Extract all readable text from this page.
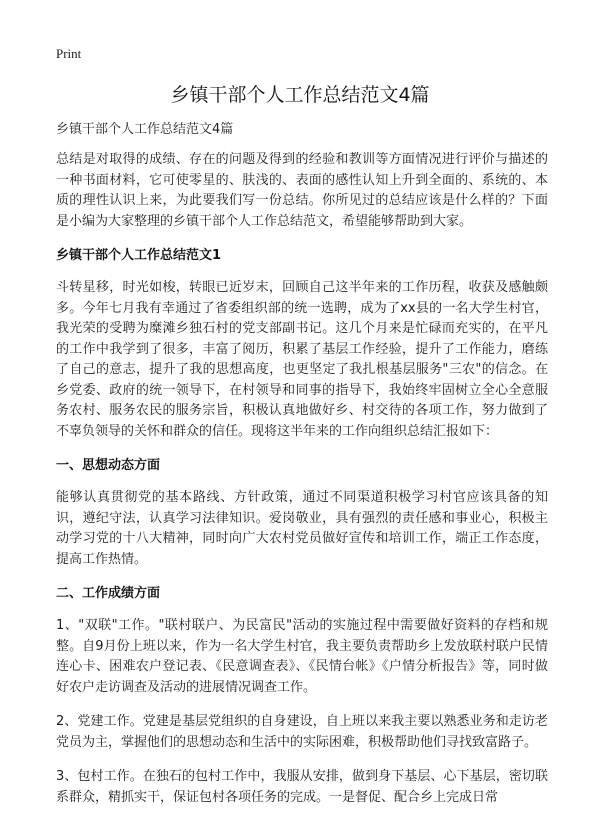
Print
乡镇干部个人工作总结范文4篇
乡镇干部个人工作总结范文4篇

总结是对取得的成绩、存在的问题及得到的经验和教训等方面情况进行评价与描述的一种书面材料，它可使零星的、肤浅的、表面的感性认知上升到全面的、系统的、本质的理性认识上来，为此要我们写一份总结。你所见过的总结应该是什么样的？下面是小编为大家整理的乡镇干部个人工作总结范文，希望能够帮助到大家。

乡镇干部个人工作总结范文1

斗转星移，时光如梭，转眼已近岁末，回顾自己这半年来的工作历程，收获及感触颇多。今年七月我有幸通过了省委组织部的统一选聘，成为了xx县的一名大学生村官，我光荣的受聘为糜滩乡独石村的党支部副书记。这几个月来是忙碌而充实的，在平凡的工作中我学到了很多，丰富了阅历，积累了基层工作经验，提升了工作能力，磨练了自己的意志，提升了我的思想高度，也更坚定了我扎根基层服务"三农"的信念。在乡党委、政府的统一领导下，在村领导和同事的指导下，我始终牢固树立全心全意服务农村、服务农民的服务宗旨，积极认真地做好乡、村交待的各项工作，努力做到了不辜负领导的关怀和群众的信任。现将这半年来的工作向组织总结汇报如下：

一、思想动态方面

能够认真贯彻党的基本路线、方针政策，通过不同渠道积极学习村官应该具备的知识，遵纪守法，认真学习法律知识。爱岗敬业，具有强烈的责任感和事业心，积极主动学习党的十八大精神，同时向广大农村党员做好宣传和培训工作，端正工作态度，提高工作热情。

二、工作成绩方面

1、"双联"工作。"联村联户、为民富民"活动的实施过程中需要做好资料的存档和规整。自9月份上班以来，作为一名大学生村官，我主要负责帮助乡上发放联村联户民情连心卡、困难农户登记表、《民意调查表》、《民情台帐》《户情分析报告》等，同时做好农户走访调查及活动的进展情况调查工作。

2、党建工作。党建是基层党组织的自身建设，自上班以来我主要以熟悉业务和走访老党员为主，掌握他们的思想动态和生活中的实际困难，积极帮助他们寻找致富路子。

3、包村工作。在独石的包村工作中，我服从安排，做到身下基层、心下基层，密切联系群众，精抓实干，保证包村各项任务的完成。一是督促、配合乡上完成日常
